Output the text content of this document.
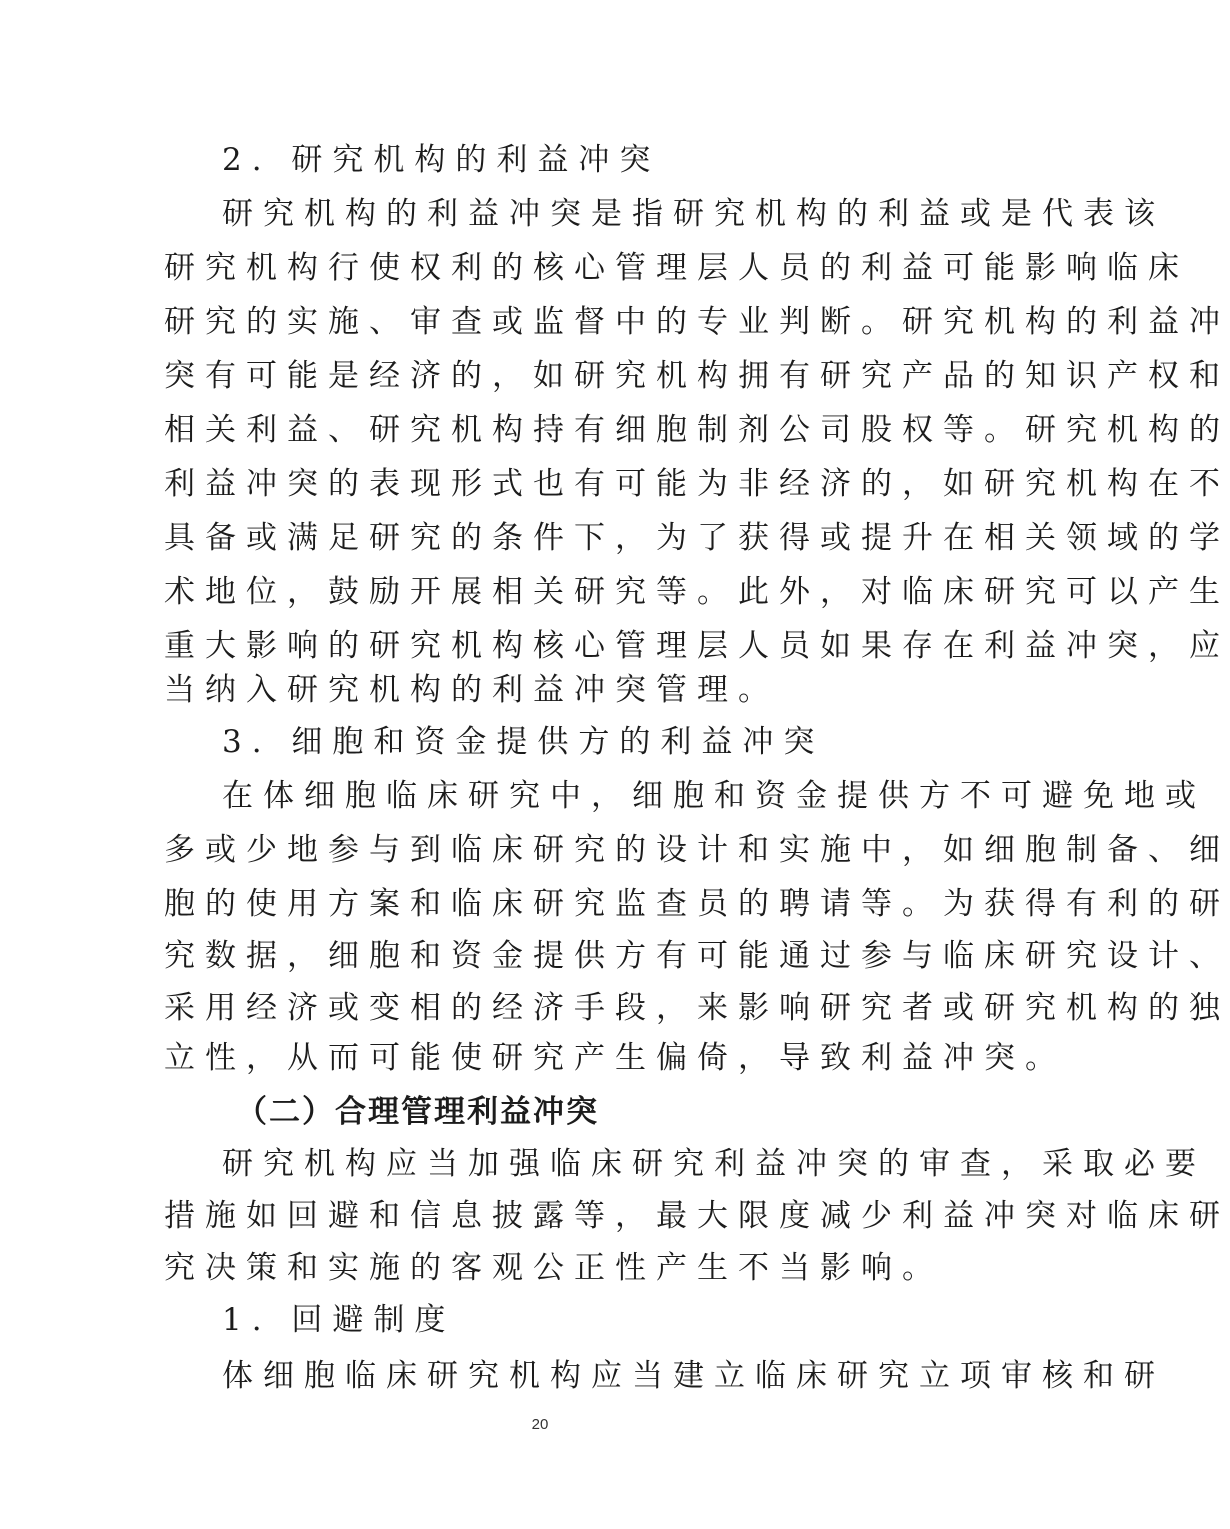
2. 研究机构的利益冲突
研究机构的利益冲突是指研究机构的利益或是代表该
研究机构行使权利的核心管理层人员的利益可能影响临床
研究的实施、审查或监督中的专业判断。研究机构的利益冲
突有可能是经济的，如研究机构拥有研究产品的知识产权和
相关利益、研究机构持有细胞制剂公司股权等。研究机构的
利益冲突的表现形式也有可能为非经济的，如研究机构在不
具备或满足研究的条件下，为了获得或提升在相关领域的学
术地位，鼓励开展相关研究等。此外，对临床研究可以产生
重大影响的研究机构核心管理层人员如果存在利益冲突，应
当纳入研究机构的利益冲突管理。
3. 细胞和资金提供方的利益冲突
在体细胞临床研究中，细胞和资金提供方不可避免地或
多或少地参与到临床研究的设计和实施中，如细胞制备、细
胞的使用方案和临床研究监查员的聘请等。为获得有利的研
究数据，细胞和资金提供方有可能通过参与临床研究设计、
采用经济或变相的经济手段，来影响研究者或研究机构的独
立性，从而可能使研究产生偏倚，导致利益冲突。
（二）合理管理利益冲突
研究机构应当加强临床研究利益冲突的审查，采取必要
措施如回避和信息披露等，最大限度减少利益冲突对临床研
究决策和实施的客观公正性产生不当影响。
1. 回避制度
体细胞临床研究机构应当建立临床研究立项审核和研
20
